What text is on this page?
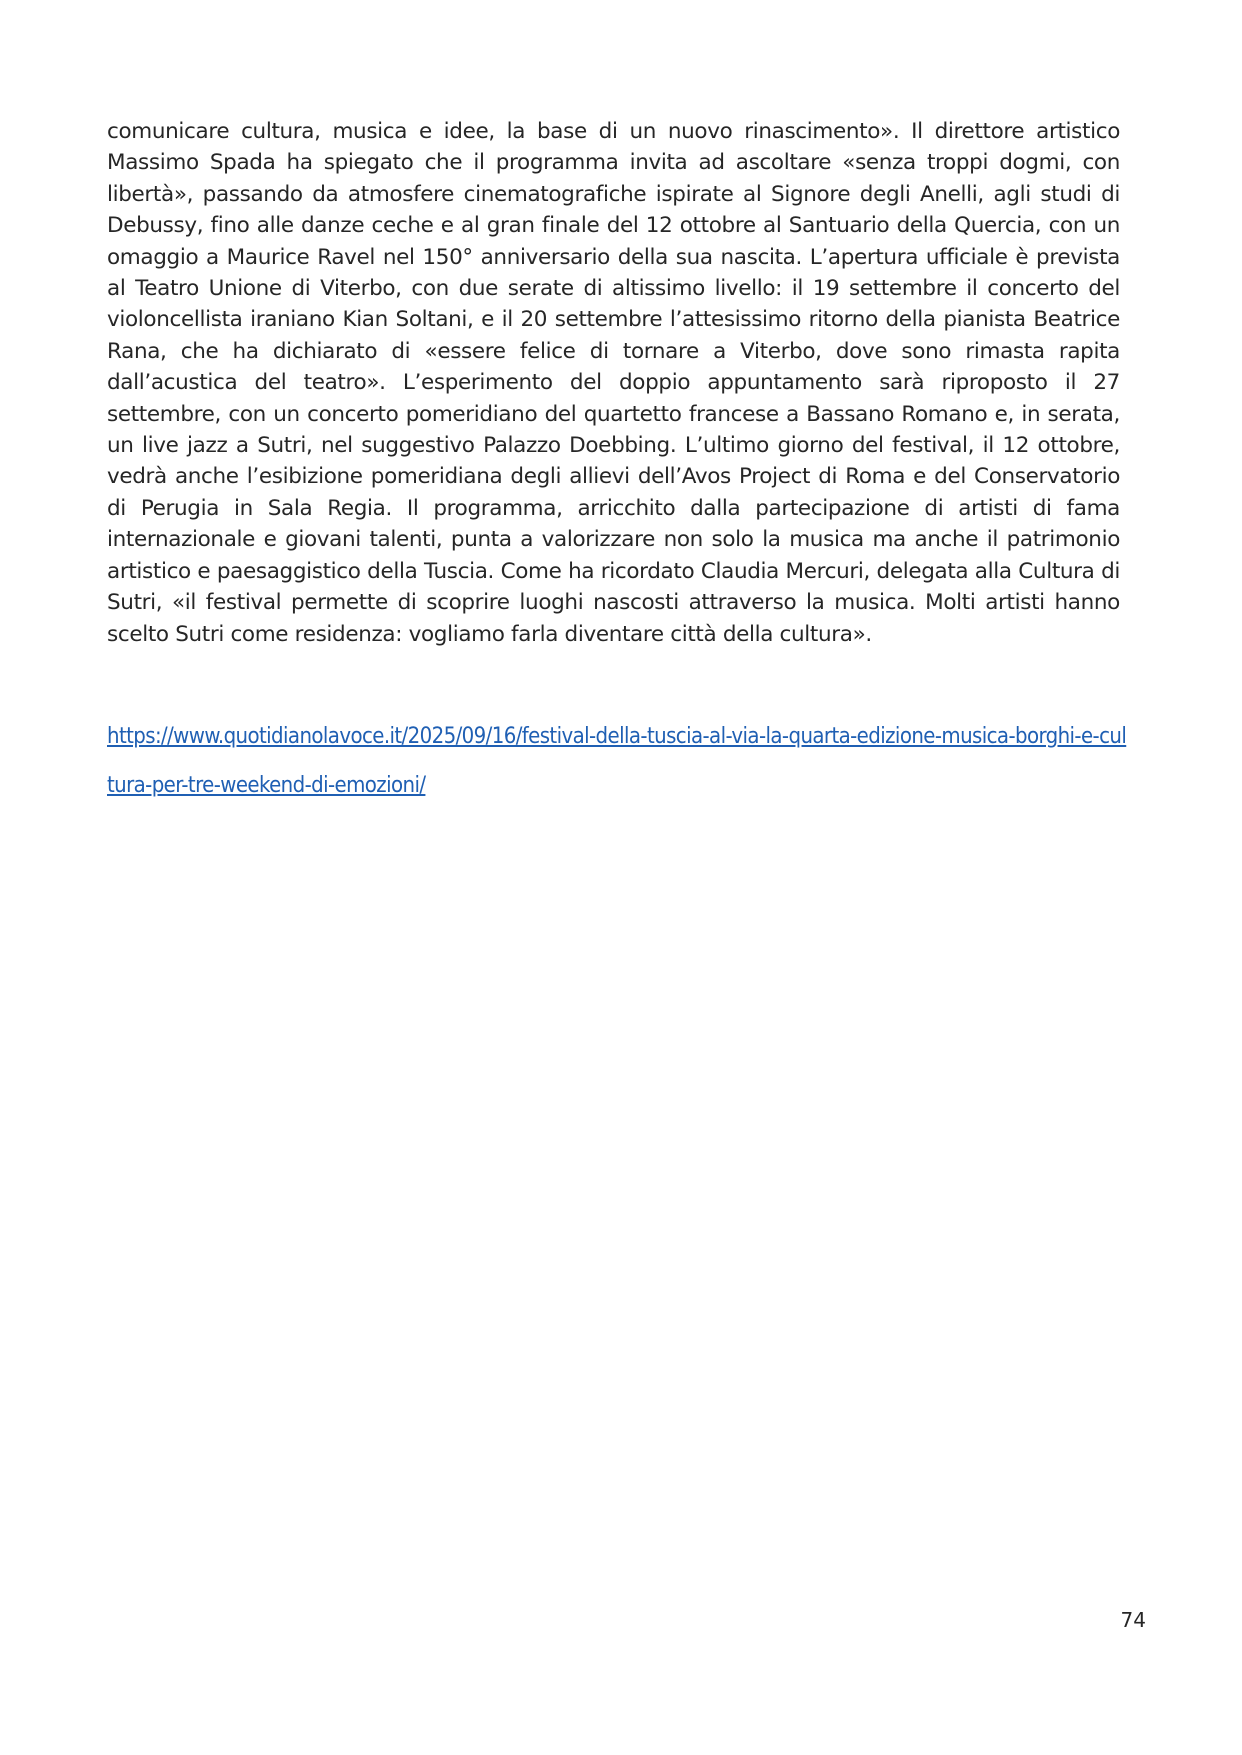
comunicare cultura, musica e idee, la base di un nuovo rinascimento». Il direttore artistico Massimo Spada ha spiegato che il programma invita ad ascoltare «senza troppi dogmi, con libertà», passando da atmosfere cinematografiche ispirate al Signore degli Anelli, agli studi di Debussy, fino alle danze ceche e al gran finale del 12 ottobre al Santuario della Quercia, con un omaggio a Maurice Ravel nel 150° anniversario della sua nascita. L’apertura ufficiale è prevista al Teatro Unione di Viterbo, con due serate di altissimo livello: il 19 settembre il concerto del violoncellista iraniano Kian Soltani, e il 20 settembre l’attesissimo ritorno della pianista Beatrice Rana, che ha dichiarato di «essere felice di tornare a Viterbo, dove sono rimasta rapita dall’acustica del teatro». L’esperimento del doppio appuntamento sarà riproposto il 27 settembre, con un concerto pomeridiano del quartetto francese a Bassano Romano e, in serata, un live jazz a Sutri, nel suggestivo Palazzo Doebbing. L’ultimo giorno del festival, il 12 ottobre, vedrà anche l’esibizione pomeridiana degli allievi dell’Avos Project di Roma e del Conservatorio di Perugia in Sala Regia. Il programma, arricchito dalla partecipazione di artisti di fama internazionale e giovani talenti, punta a valorizzare non solo la musica ma anche il patrimonio artistico e paesaggistico della Tuscia. Come ha ricordato Claudia Mercuri, delegata alla Cultura di Sutri, «il festival permette di scoprire luoghi nascosti attraverso la musica. Molti artisti hanno scelto Sutri come residenza: vogliamo farla diventare città della cultura».

https://www.quotidianolavoce.it/2025/09/16/festival-della-tuscia-al-via-la-quarta-edizione-musica-borghi-e-cultura-per-tre-weekend-di-emozioni/
74
